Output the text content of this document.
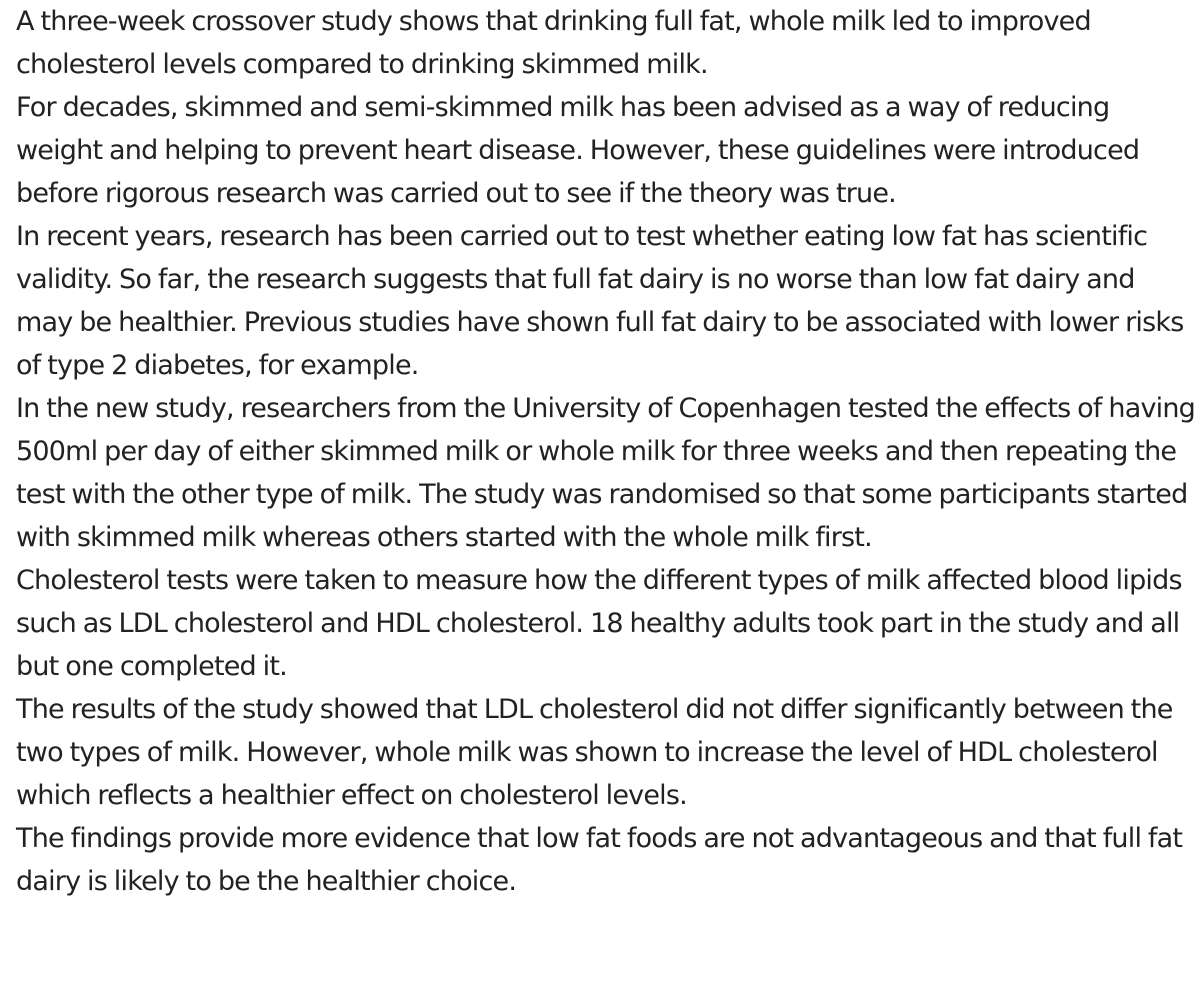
A three-week crossover study shows that drinking full fat, whole milk led to improved cholesterol levels compared to drinking skimmed milk.

For decades, skimmed and semi-skimmed milk has been advised as a way of reducing weight and helping to prevent heart disease. However, these guidelines were introduced before rigorous research was carried out to see if the theory was true.

In recent years, research has been carried out to test whether eating low fat has scientific validity. So far, the research suggests that full fat dairy is no worse than low fat dairy and may be healthier. Previous studies have shown full fat dairy to be associated with lower risks of type 2 diabetes, for example.

In the new study, researchers from the University of Copenhagen tested the effects of having 500ml per day of either skimmed milk or whole milk for three weeks and then repeating the test with the other type of milk. The study was randomised so that some participants started with skimmed milk whereas others started with the whole milk first.

Cholesterol tests were taken to measure how the different types of milk affected blood lipids such as LDL cholesterol and HDL cholesterol. 18 healthy adults took part in the study and all but one completed it.

The results of the study showed that LDL cholesterol did not differ significantly between the two types of milk. However, whole milk was shown to increase the level of HDL cholesterol which reflects a healthier effect on cholesterol levels.

The findings provide more evidence that low fat foods are not advantageous and that full fat dairy is likely to be the healthier choice.
